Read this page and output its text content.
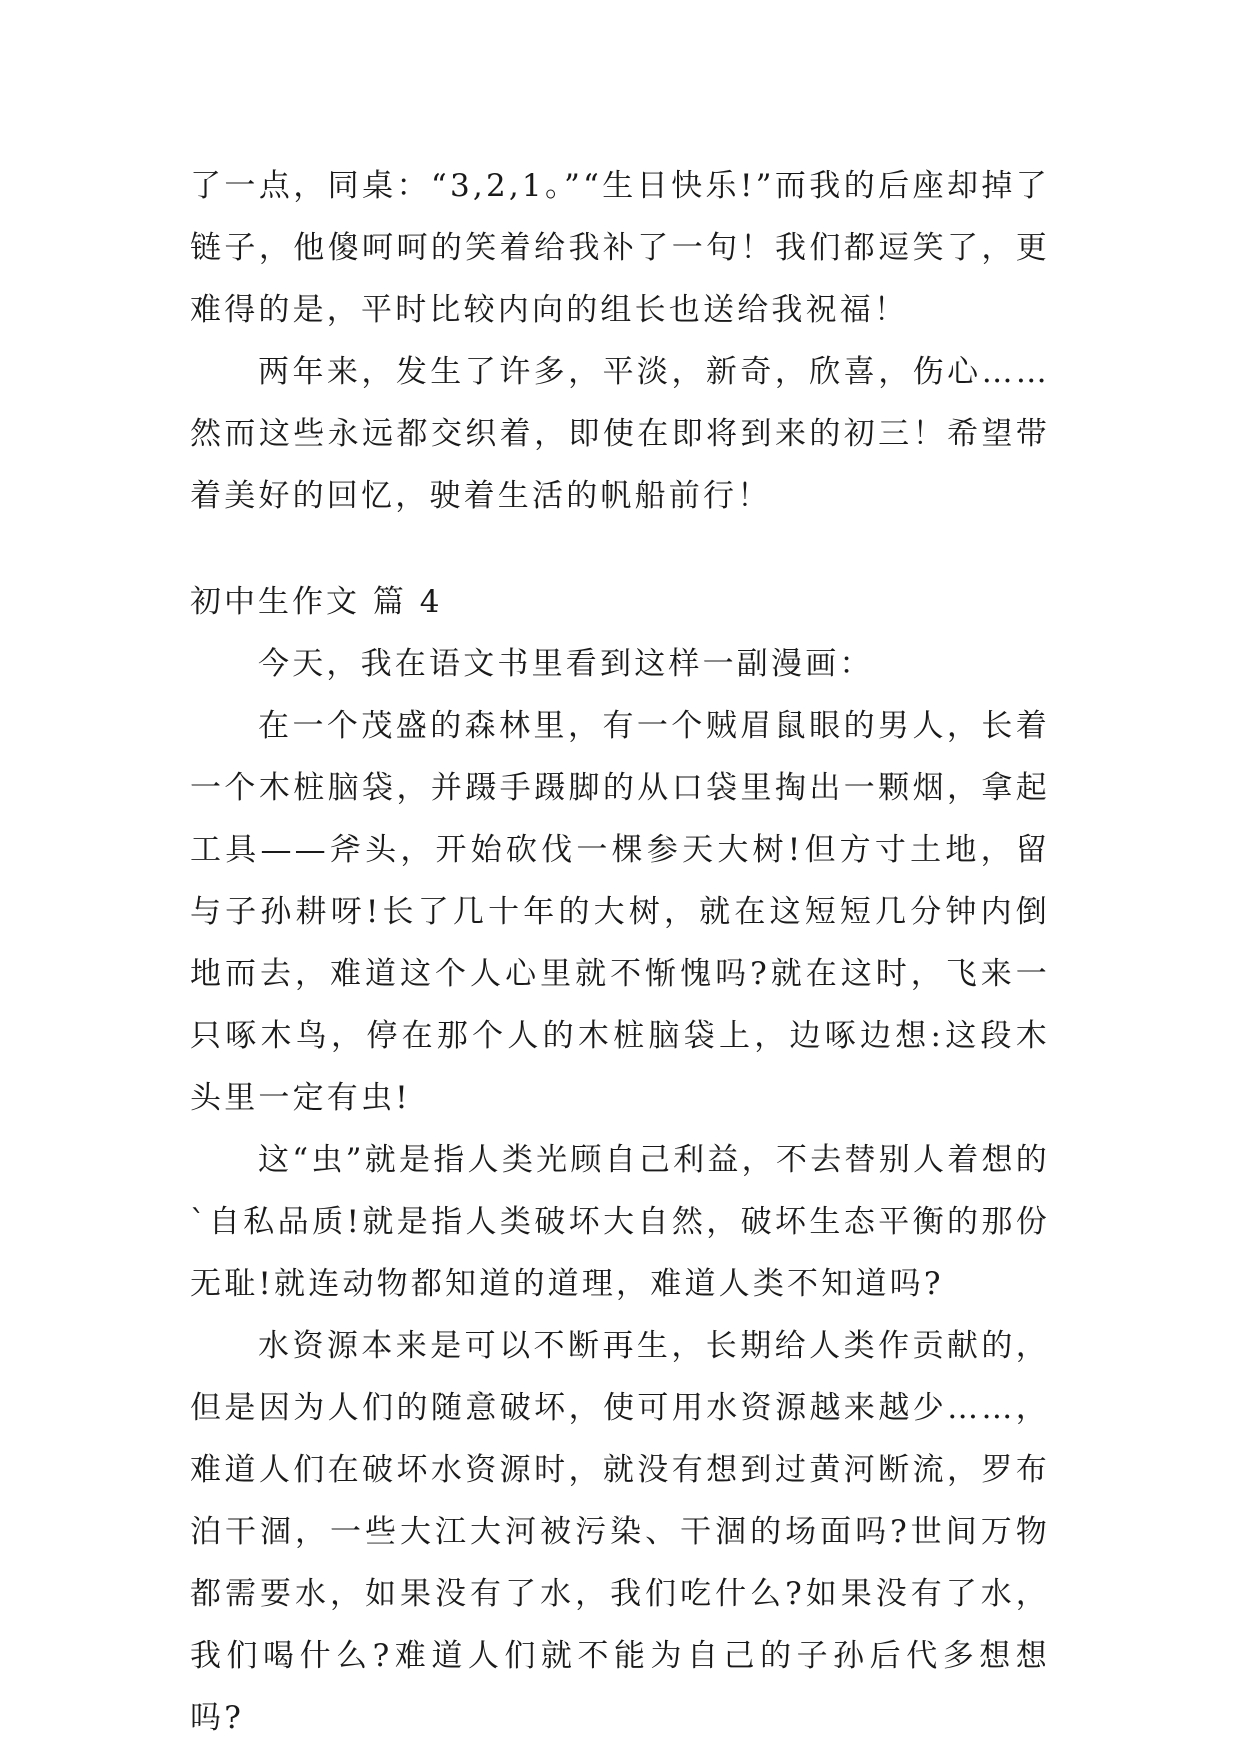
了一点，同桌：“3,2,1。”“生日快乐!”而我的后座却掉了链子，他傻呵呵的笑着给我补了一句！我们都逗笑了，更难得的是，平时比较内向的组长也送给我祝福！

两年来，发生了许多，平淡，新奇，欣喜，伤心……然而这些永远都交织着，即使在即将到来的初三！希望带着美好的回忆，驶着生活的帆船前行！

初中生作文 篇 4

今天，我在语文书里看到这样一副漫画：

在一个茂盛的森林里，有一个贼眉鼠眼的男人，长着一个木桩脑袋，并蹑手蹑脚的从口袋里掏出一颗烟，拿起工具——斧头，开始砍伐一棵参天大树!但方寸土地，留与子孙耕呀!长了几十年的大树，就在这短短几分钟内倒地而去，难道这个人心里就不惭愧吗?就在这时，飞来一只啄木鸟，停在那个人的木桩脑袋上，边啄边想:这段木头里一定有虫!

这“虫”就是指人类光顾自己利益，不去替别人着想的`自私品质!就是指人类破坏大自然，破坏生态平衡的那份无耻!就连动物都知道的道理，难道人类不知道吗?

水资源本来是可以不断再生，长期给人类作贡献的，但是因为人们的随意破坏，使可用水资源越来越少……，难道人们在破坏水资源时，就没有想到过黄河断流，罗布泊干涸，一些大江大河被污染、干涸的场面吗?世间万物都需要水，如果没有了水，我们吃什么?如果没有了水，我们喝什么?难道人们就不能为自己的子孙后代多想想吗?
